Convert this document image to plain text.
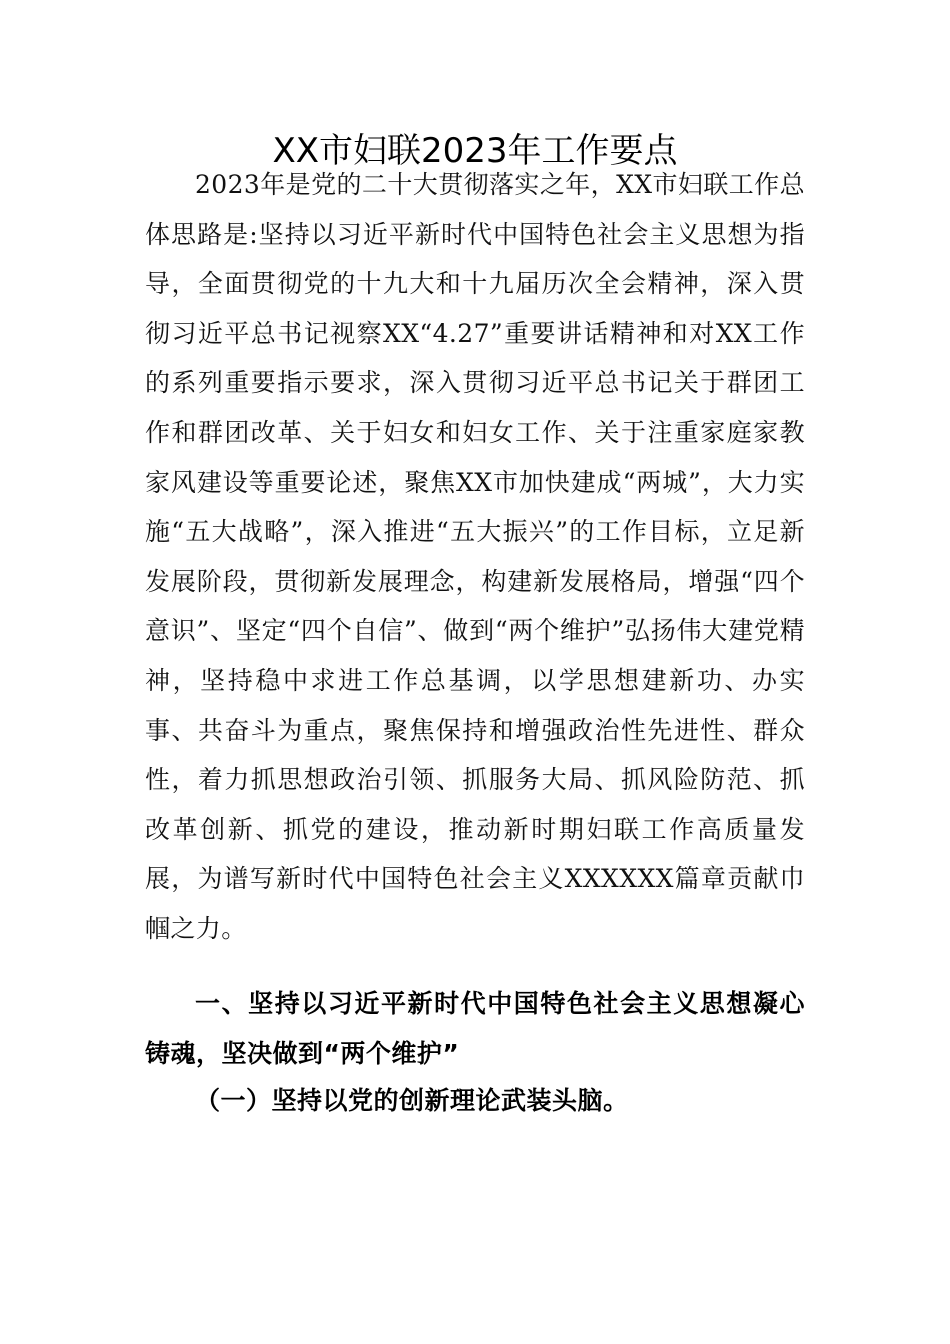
XX市妇联2023年工作要点

2023年是党的二十大贯彻落实之年，XX市妇联工作总体思路是:坚持以习近平新时代中国特色社会主义思想为指导，全面贯彻党的十九大和十九届历次全会精神，深入贯彻习近平总书记视察XX“4.27”重要讲话精神和对XX工作的系列重要指示要求，深入贯彻习近平总书记关于群团工作和群团改革、关于妇女和妇女工作、关于注重家庭家教家风建设等重要论述，聚焦XX市加快建成“两城”，大力实施“五大战略”，深入推进“五大振兴”的工作目标，立足新发展阶段，贯彻新发展理念，构建新发展格局，增强“四个意识”、坚定“四个自信”、做到“两个维护”弘扬伟大建党精神，坚持稳中求进工作总基调，以学思想建新功、办实事、共奋斗为重点，聚焦保持和增强政治性先进性、群众性，着力抓思想政治引领、抓服务大局、抓风险防范、抓改革创新、抓党的建设，推动新时期妇联工作高质量发展，为谱写新时代中国特色社会主义XXXXXX篇章贡献巾帼之力。

一、坚持以习近平新时代中国特色社会主义思想凝心铸魂，坚决做到“两个维护”

（一）坚持以党的创新理论武装头脑。
